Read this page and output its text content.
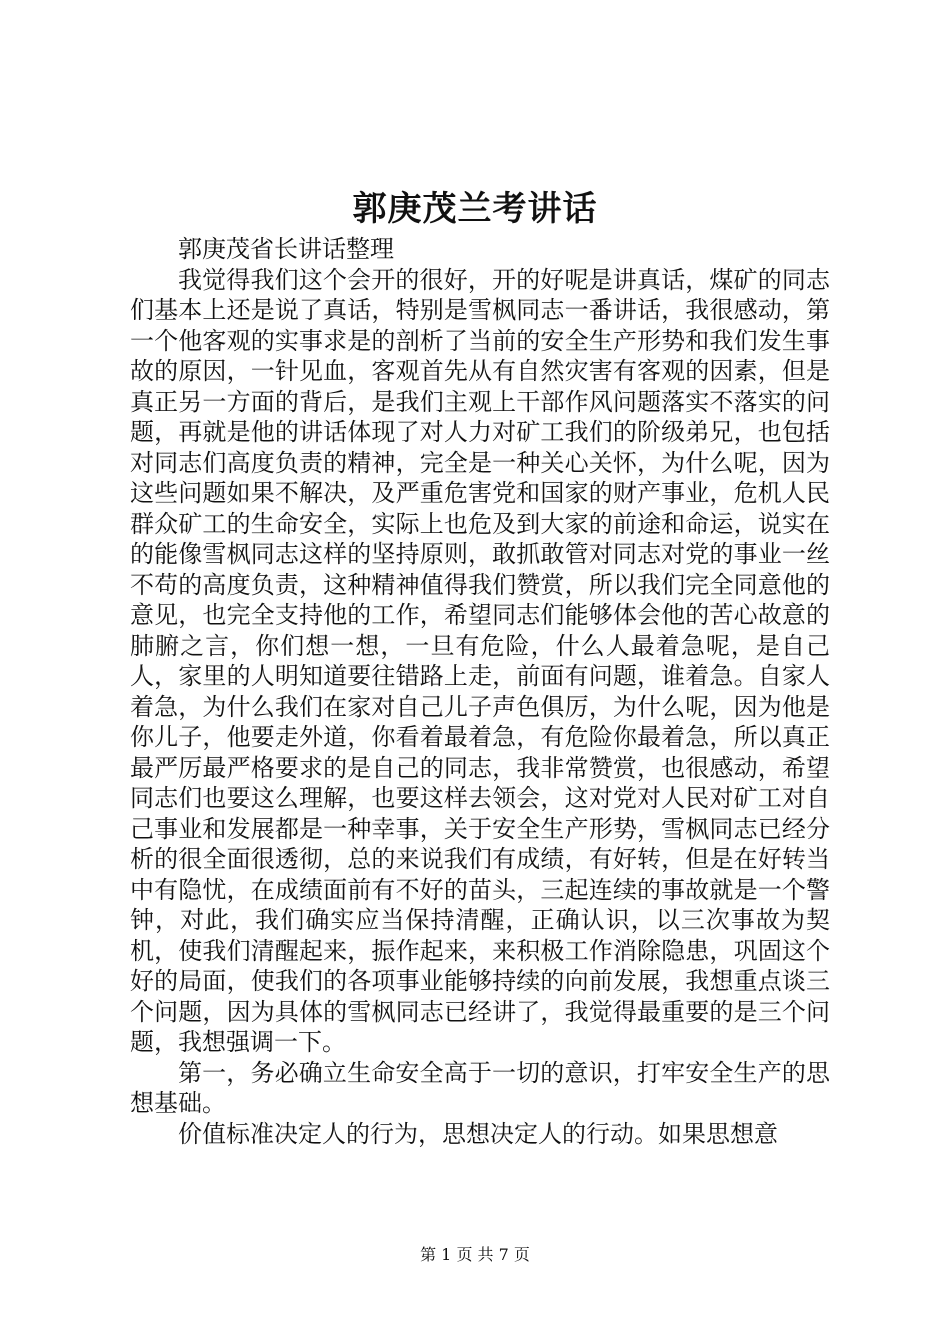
郭庚茂兰考讲话

郭庚茂省长讲话整理

我觉得我们这个会开的很好，开的好呢是讲真话，煤矿的同志们基本上还是说了真话，特别是雪枫同志一番讲话，我很感动，第一个他客观的实事求是的剖析了当前的安全生产形势和我们发生事故的原因，一针见血，客观首先从有自然灾害有客观的因素，但是真正另一方面的背后，是我们主观上干部作风问题落实不落实的问题，再就是他的讲话体现了对人力对矿工我们的阶级弟兄，也包括对同志们高度负责的精神，完全是一种关心关怀，为什么呢，因为这些问题如果不解决，及严重危害党和国家的财产事业，危机人民群众矿工的生命安全，实际上也危及到大家的前途和命运，说实在的能像雪枫同志这样的坚持原则，敢抓敢管对同志对党的事业一丝不苟的高度负责，这种精神值得我们赞赏，所以我们完全同意他的意见，也完全支持他的工作，希望同志们能够体会他的苦心故意的肺腑之言，你们想一想，一旦有危险，什么人最着急呢，是自己人，家里的人明知道要往错路上走，前面有问题，谁着急。自家人着急，为什么我们在家对自己儿子声色俱厉，为什么呢，因为他是你儿子，他要走外道，你看着最着急，有危险你最着急，所以真正最严厉最严格要求的是自己的同志，我非常赞赏，也很感动，希望同志们也要这么理解，也要这样去领会，这对党对人民对矿工对自己事业和发展都是一种幸事，关于安全生产形势，雪枫同志已经分析的很全面很透彻，总的来说我们有成绩，有好转，但是在好转当中有隐忧，在成绩面前有不好的苗头，三起连续的事故就是一个警钟，对此，我们确实应当保持清醒，正确认识，以三次事故为契机，使我们清醒起来，振作起来，来积极工作消除隐患，巩固这个好的局面，使我们的各项事业能够持续的向前发展，我想重点谈三个问题，因为具体的雪枫同志已经讲了，我觉得最重要的是三个问题，我想强调一下。

第一，务必确立生命安全高于一切的意识，打牢安全生产的思想基础。

价值标准决定人的行为，思想决定人的行动。如果思想意

第 1 页 共 7 页
